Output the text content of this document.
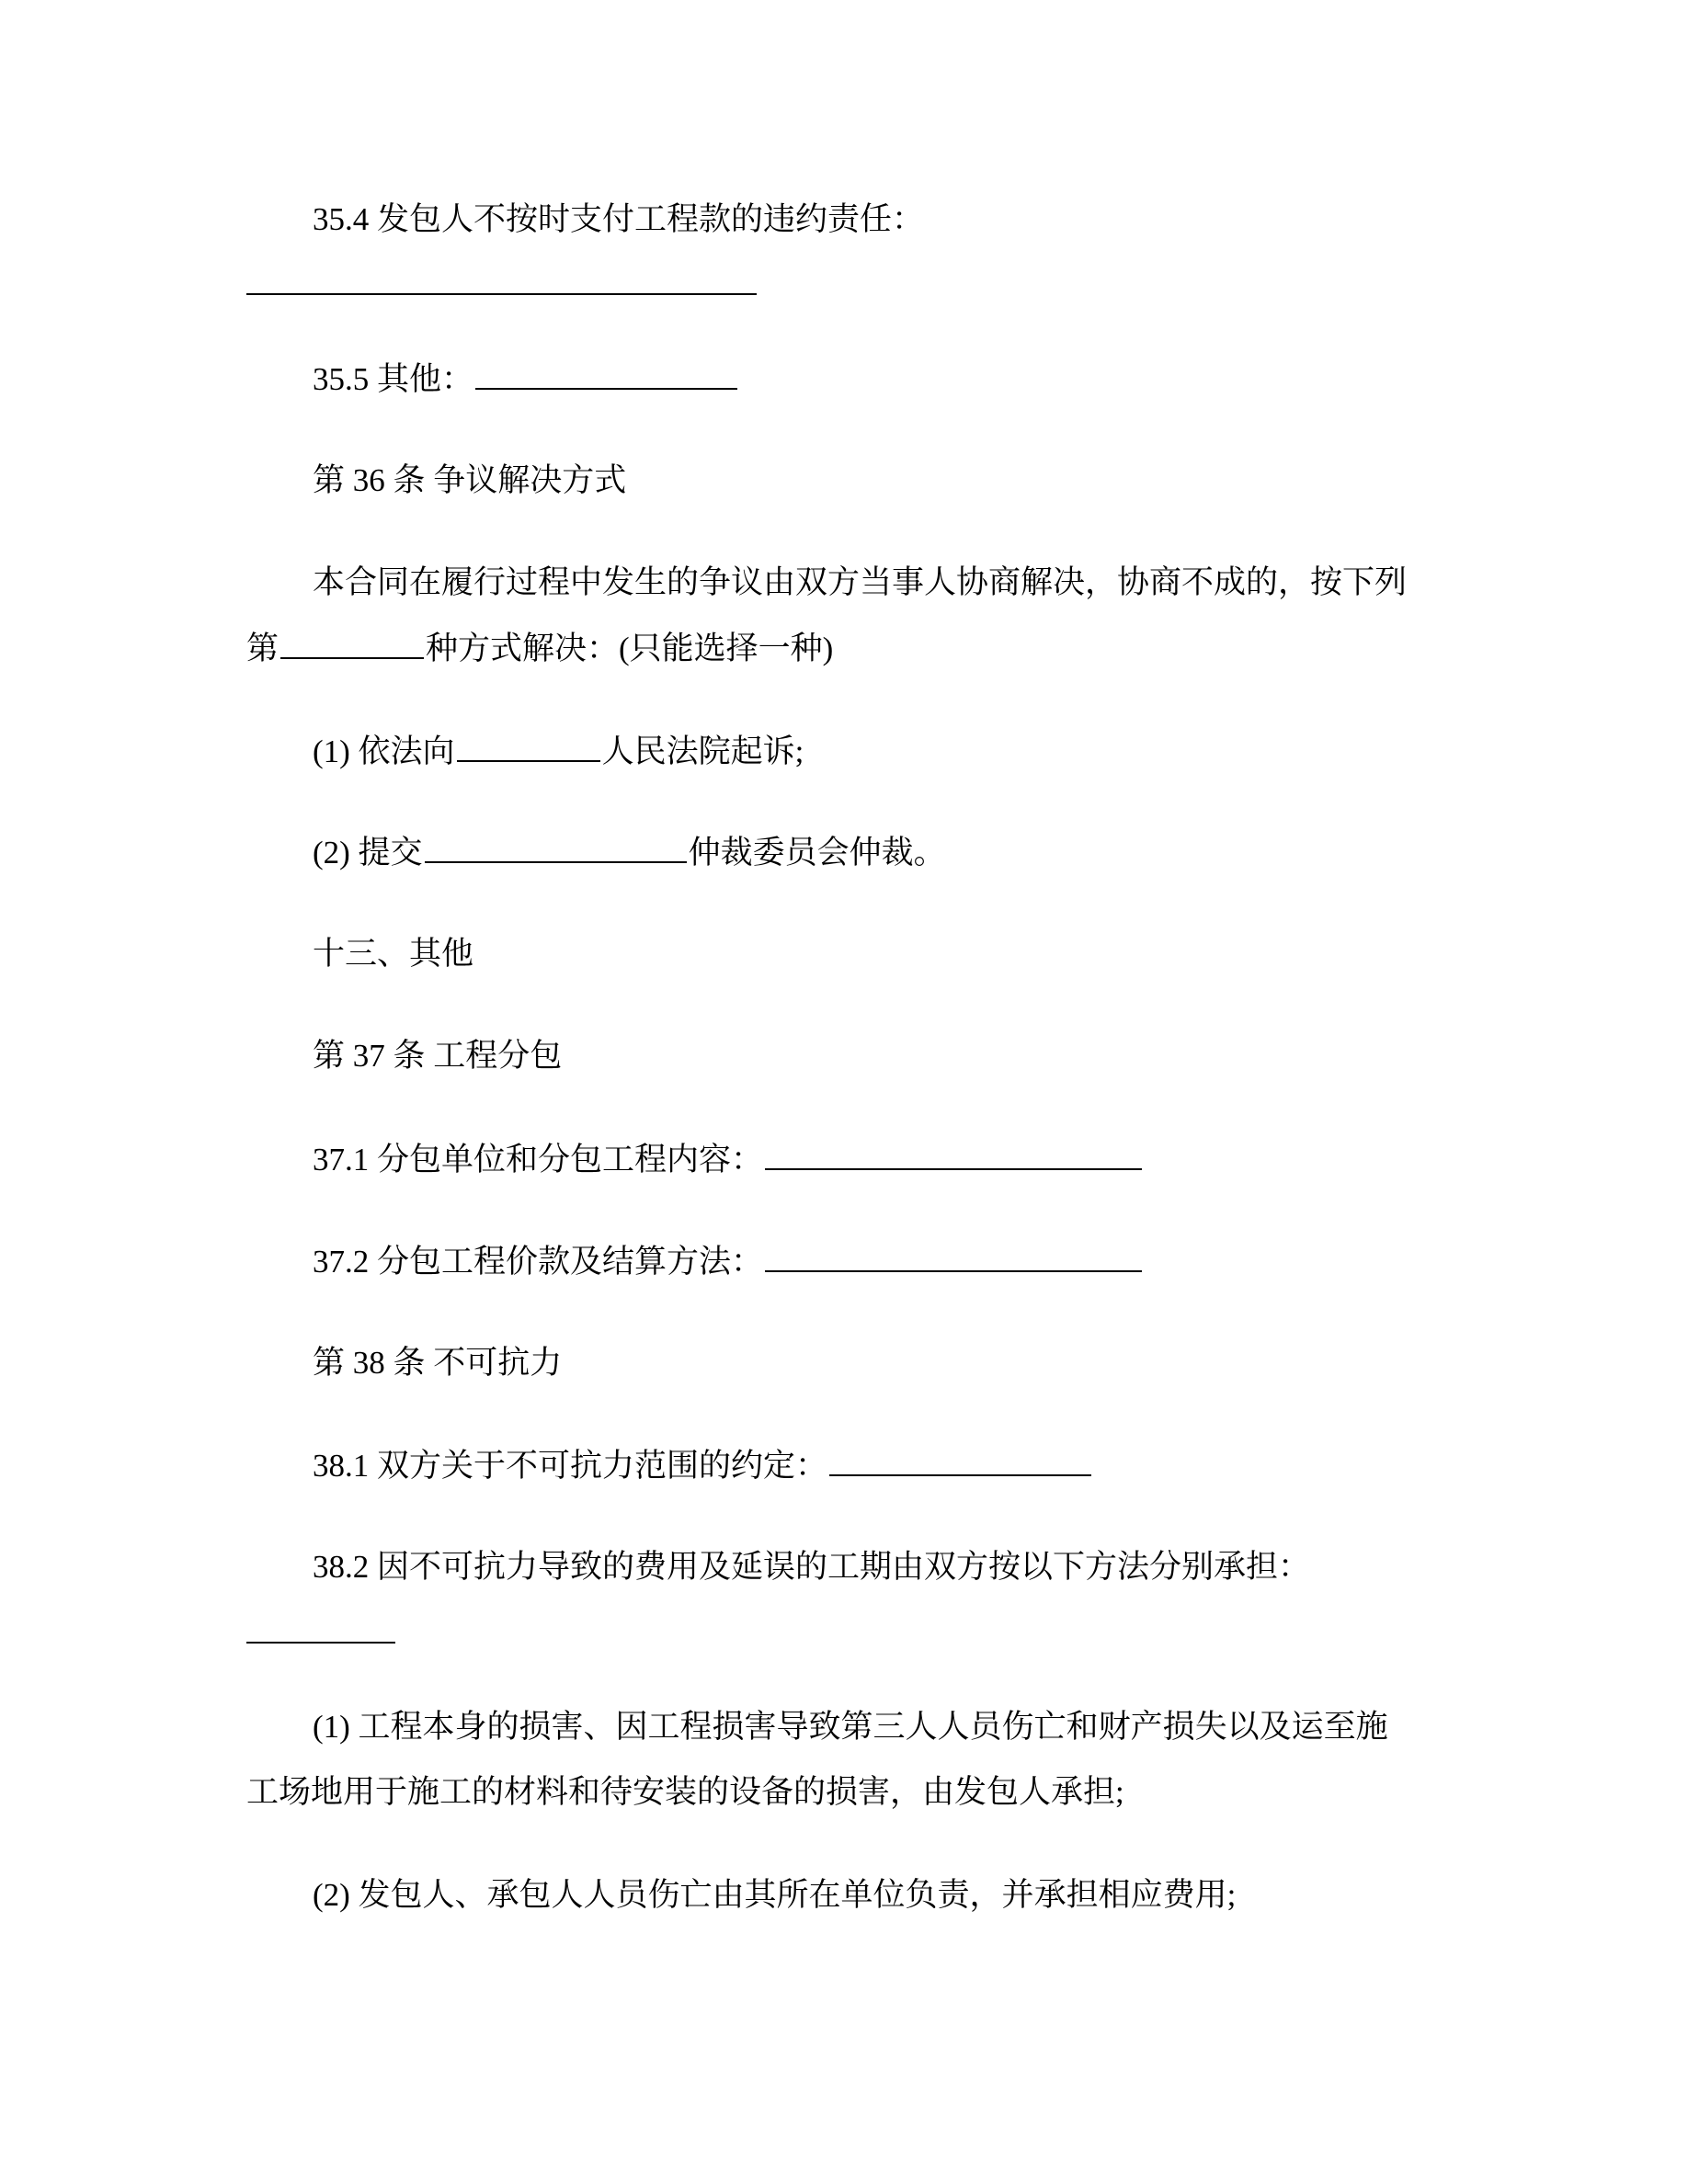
35.4 发包人不按时支付工程款的违约责任：
35.5 其他：
第 36 条 争议解决方式
本合同在履行过程中发生的争议由双方当事人协商解决，协商不成的，按下列
第	种方式解决：(只能选择一种)
(1) 依法向	人民法院起诉;
(2) 提交	仲裁委员会仲裁。
十三、其他
第 37 条 工程分包
37.1 分包单位和分包工程内容：
37.2 分包工程价款及结算方法：
第 38 条 不可抗力
38.1 双方关于不可抗力范围的约定：
38.2 因不可抗力导致的费用及延误的工期由双方按以下方法分别承担：
(1) 工程本身的损害、因工程损害导致第三人人员伤亡和财产损失以及运至施
工场地用于施工的材料和待安装的设备的损害，由发包人承担;
(2) 发包人、承包人人员伤亡由其所在单位负责，并承担相应费用;
